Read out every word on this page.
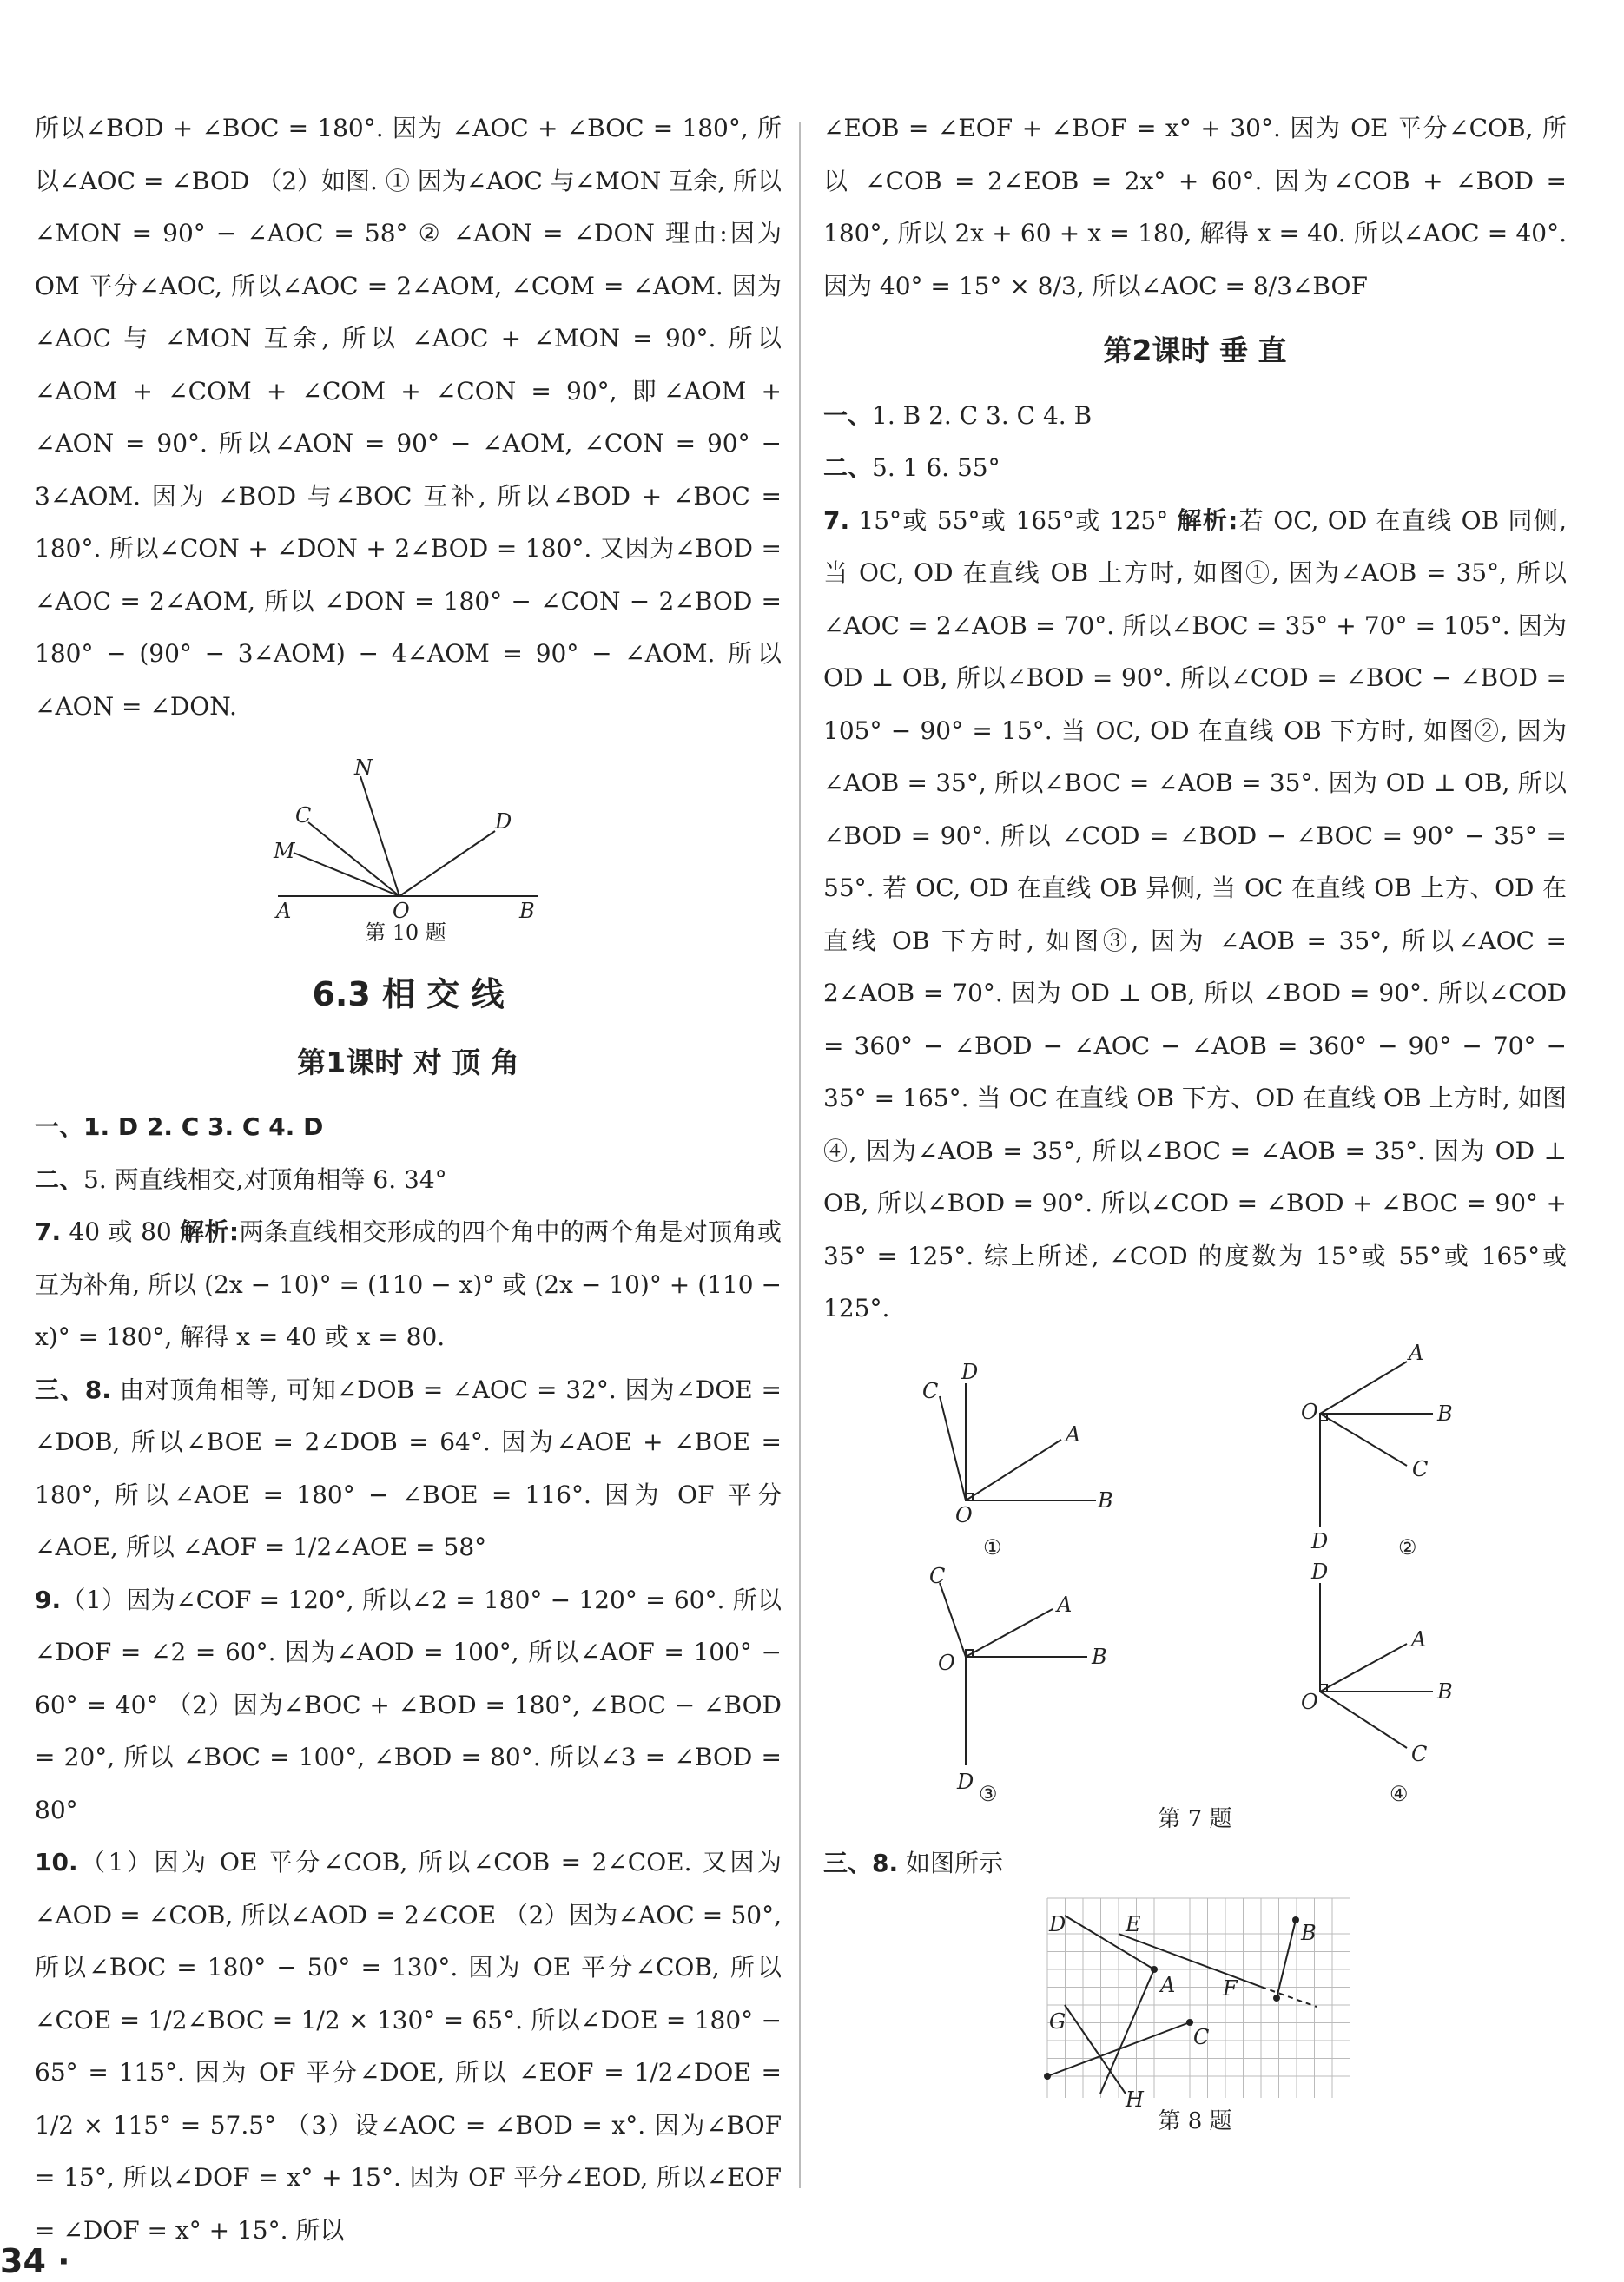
所以∠BOD + ∠BOC = 180°. 因为 ∠AOC + ∠BOC = 180°, 所以∠AOC = ∠BOD （2）如图. ① 因为∠AOC 与∠MON 互余, 所以∠MON = 90° − ∠AOC = 58° ② ∠AON = ∠DON 理由:因为 OM 平分∠AOC, 所以∠AOC = 2∠AOM, ∠COM = ∠AOM. 因为∠AOC 与 ∠MON 互余, 所以 ∠AOC + ∠MON = 90°. 所以 ∠AOM + ∠COM + ∠COM + ∠CON = 90°, 即∠AOM + ∠AON = 90°. 所以∠AON = 90° − ∠AOM, ∠CON = 90° − 3∠AOM. 因为 ∠BOD 与∠BOC 互补, 所以∠BOD + ∠BOC = 180°. 所以∠CON + ∠DON + 2∠BOD = 180°. 又因为∠BOD = ∠AOC = 2∠AOM, 所以 ∠DON = 180° − ∠CON − 2∠BOD = 180° − (90° − 3∠AOM) − 4∠AOM = 90° − ∠AOM. 所以∠AON = ∠DON.

N
C	D
M
A	O	B
第 10 题
6.3 相 交 线
第1课时 对 顶 角

一、1. D 2. C 3. C 4. D

二、5. 两直线相交,对顶角相等 6. 34°

7. 40 或 80 解析:两条直线相交形成的四个角中的两个角是对顶角或互为补角, 所以 (2x − 10)° = (110 − x)° 或 (2x − 10)° + (110 − x)° = 180°, 解得 x = 40 或 x = 80.

三、8. 由对顶角相等, 可知∠DOB = ∠AOC = 32°. 因为∠DOE = ∠DOB, 所以∠BOE = 2∠DOB = 64°. 因为∠AOE + ∠BOE = 180°, 所以∠AOE = 180° − ∠BOE = 116°. 因为 OF 平分∠AOE, 所以 ∠AOF = 1/2∠AOE = 58°

9.（1）因为∠COF = 120°, 所以∠2 = 180° − 120° = 60°. 所以 ∠DOF = ∠2 = 60°. 因为∠AOD = 100°, 所以∠AOF = 100° − 60° = 40° （2）因为∠BOC + ∠BOD = 180°, ∠BOC − ∠BOD = 20°, 所以 ∠BOC = 100°, ∠BOD = 80°. 所以∠3 = ∠BOD = 80°

10.（1）因为 OE 平分∠COB, 所以∠COB = 2∠COE. 又因为 ∠AOD = ∠COB, 所以∠AOD = 2∠COE （2）因为∠AOC = 50°, 所以∠BOC = 180° − 50° = 130°. 因为 OE 平分∠COB, 所以∠COE = 1/2∠BOC = 1/2 × 130° = 65°. 所以∠DOE = 180° − 65° = 115°. 因为 OF 平分∠DOE, 所以 ∠EOF = 1/2∠DOE = 1/2 × 115° = 57.5° （3）设∠AOC = ∠BOD = x°. 因为∠BOF = 15°, 所以∠DOF = x° + 15°. 因为 OF 平分∠EOD, 所以∠EOF = ∠DOF = x° + 15°. 所以

∠EOB = ∠EOF + ∠BOF = x° + 30°. 因为 OE 平分∠COB, 所以 ∠COB = 2∠EOB = 2x° + 60°. 因为∠COB + ∠BOD = 180°, 所以 2x + 60 + x = 180, 解得 x = 40. 所以∠AOC = 40°. 因为 40° = 15° × 8/3, 所以∠AOC = 8/3∠BOF

第2课时 垂 直

一、1. B 2. C 3. C 4. B

二、5. 1 6. 55°

7. 15°或 55°或 165°或 125° 解析:若 OC, OD 在直线 OB 同侧, 当 OC, OD 在直线 OB 上方时, 如图①, 因为∠AOB = 35°, 所以 ∠AOC = 2∠AOB = 70°. 所以∠BOC = 35° + 70° = 105°. 因为 OD ⊥ OB, 所以∠BOD = 90°. 所以∠COD = ∠BOC − ∠BOD = 105° − 90° = 15°. 当 OC, OD 在直线 OB 下方时, 如图②, 因为∠AOB = 35°, 所以∠BOC = ∠AOB = 35°. 因为 OD ⊥ OB, 所以∠BOD = 90°. 所以 ∠COD = ∠BOD − ∠BOC = 90° − 35° = 55°. 若 OC, OD 在直线 OB 异侧, 当 OC 在直线 OB 上方、OD 在直线 OB 下方时, 如图③, 因为 ∠AOB = 35°, 所以∠AOC = 2∠AOB = 70°. 因为 OD ⊥ OB, 所以 ∠BOD = 90°. 所以∠COD = 360° − ∠BOD − ∠AOC − ∠AOB = 360° − 90° − 70° − 35° = 165°. 当 OC 在直线 OB 下方、OD 在直线 OB 上方时, 如图④, 因为∠AOB = 35°, 所以∠BOC = ∠AOB = 35°. 因为 OD ⊥ OB, 所以∠BOD = 90°. 所以∠COD = ∠BOD + ∠BOC = 90° + 35° = 125°. 综上所述, ∠COD 的度数为 15°或 55°或 165°或 125°.

D
C
A
O
B
①
O
A
B
C
D	②
C
A
O	B
D ③
D
A
B
O
C
④
第 7 题

三、8. 如图所示

D	E	B
A F
G
C
H
第 8 题
34 ·
